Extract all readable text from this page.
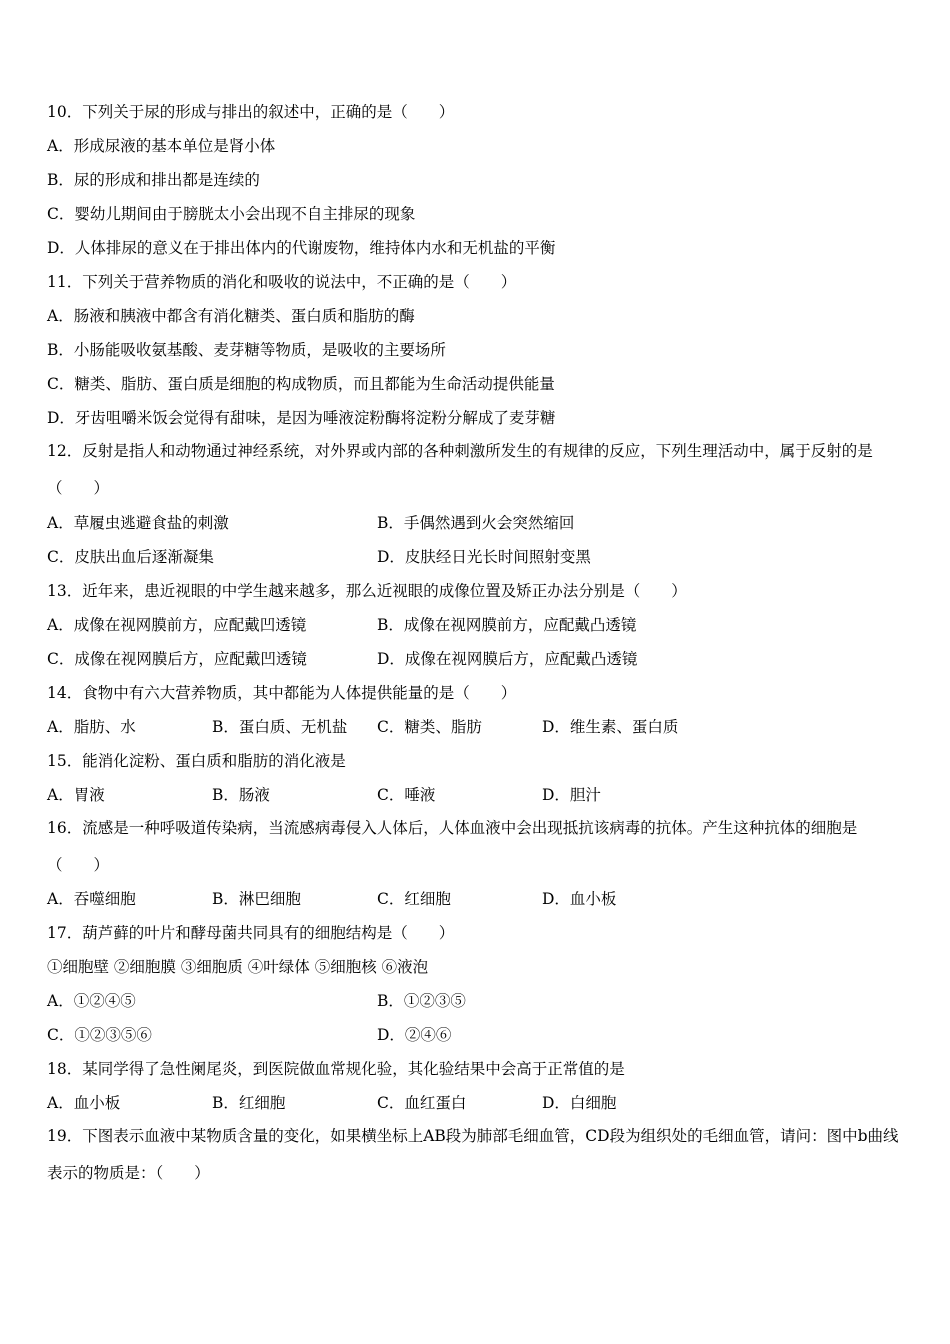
10．下列关于尿的形成与排出的叙述中，正确的是（　　）
A．形成尿液的基本单位是肾小体
B．尿的形成和排出都是连续的
C．婴幼儿期间由于膀胱太小会出现不自主排尿的现象
D．人体排尿的意义在于排出体内的代谢废物，维持体内水和无机盐的平衡
11．下列关于营养物质的消化和吸收的说法中，不正确的是（　　）
A．肠液和胰液中都含有消化糖类、蛋白质和脂肪的酶
B．小肠能吸收氨基酸、麦芽糖等物质，是吸收的主要场所
C．糖类、脂肪、蛋白质是细胞的构成物质，而且都能为生命活动提供能量
D．牙齿咀嚼米饭会觉得有甜味，是因为唾液淀粉酶将淀粉分解成了麦芽糖
12．反射是指人和动物通过神经系统，对外界或内部的各种刺激所发生的有规律的反应，下列生理活动中，属于反射的是（　　）
A．草履虫逃避食盐的刺激	B．手偶然遇到火会突然缩回
C．皮肤出血后逐渐凝集	D．皮肤经日光长时间照射变黑
13．近年来，患近视眼的中学生越来越多，那么近视眼的成像位置及矫正办法分别是（　　）
A．成像在视网膜前方，应配戴凹透镜	B．成像在视网膜前方，应配戴凸透镜
C．成像在视网膜后方，应配戴凹透镜	D．成像在视网膜后方，应配戴凸透镜
14．食物中有六大营养物质，其中都能为人体提供能量的是（　　）
A．脂肪、水	B．蛋白质、无机盐 C．糖类、脂肪	D．维生素、蛋白质
15．能消化淀粉、蛋白质和脂肪的消化液是
A．胃液	B．肠液	C．唾液	D．胆汁
16．流感是一种呼吸道传染病，当流感病毒侵入人体后，人体血液中会出现抵抗该病毒的抗体。产生这种抗体的细胞是 （　　）
A．吞噬细胞	B．淋巴细胞	C．红细胞	D．血小板
17．葫芦藓的叶片和酵母菌共同具有的细胞结构是（　　）
①细胞壁 ②细胞膜 ③细胞质 ④叶绿体 ⑤细胞核 ⑥液泡
A．①②④⑤	B．①②③⑤
C．①②③⑤⑥	D．②④⑥
18．某同学得了急性阑尾炎，到医院做血常规化验，其化验结果中会高于正常值的是
A．血小板	B．红细胞	C．血红蛋白	D．白细胞
19．下图表示血液中某物质含量的变化，如果横坐标上AB段为肺部毛细血管，CD段为组织处的毛细血管，请问：图中b曲线表示的物质是：（　　）
